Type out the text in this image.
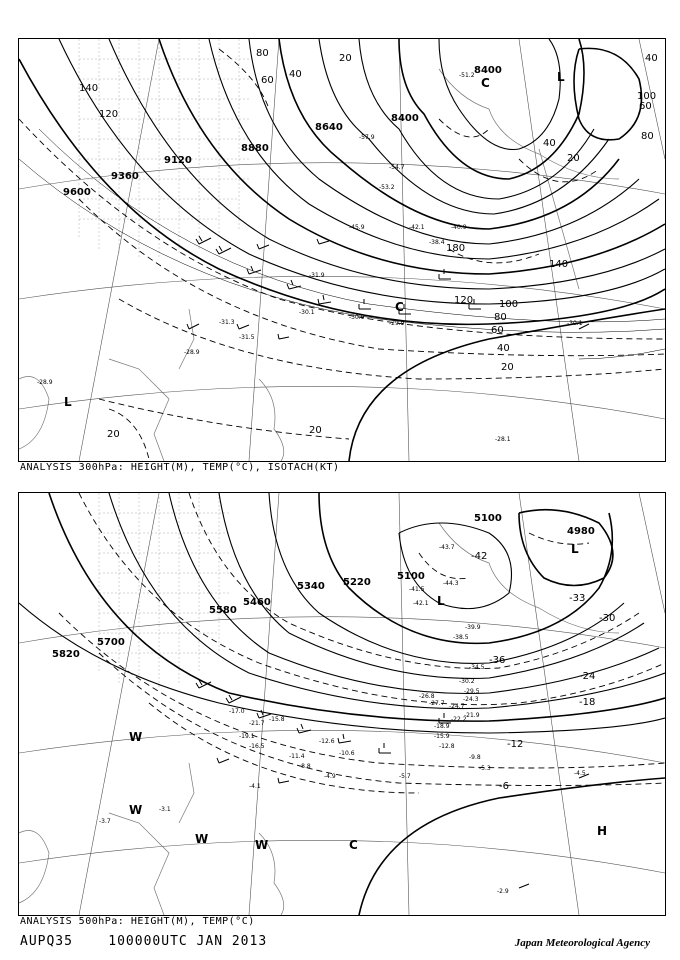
9600
9360
9120
8880
8640
8400
8400
140
120
80
60
40
20
40
20
180
140
120	100
80
60
40
20
20	20
100
80
60
40
-28.9
-31.3
-31.5
-30.1
-31.9
-30.9
-28.1
-30.1
-29.9
-28.9
-51.2
-57.9
-54.7
-53.2
-45.9	-42.1
-38.4
-40.9
L
L
C
C
ANALYSIS 300hPa: HEIGHT(M), TEMP(°C), ISOTACH(KT)
5820
5700
5580
5460
5340 5220
5100
5100
4980
-42
-36
-33
-30
-24
-18
-12
-6
-43.7
-44.3
-41.5
-42.1
-38.5
-39.9
-34.5
-30.2
-29.5
-24.3
-21.9
-26.8
-27.7 -24.7
-22.2
-18.9
-15.9
-12.8
-9.8
-5.7
-5.3
-4.5
-4.1
-3.7
-3.1
-2.9
-4.9
-8.8
-11.4
-16.5
-19.1
-21.7
-17.0
-15.8
-12.6
-10.6
L
L
H
W
W
W	W	C
ANALYSIS 500hPa: HEIGHT(M), TEMP(°C)
AUPQ35	100000UTC JAN 2013	Japan Meteorological Agency
